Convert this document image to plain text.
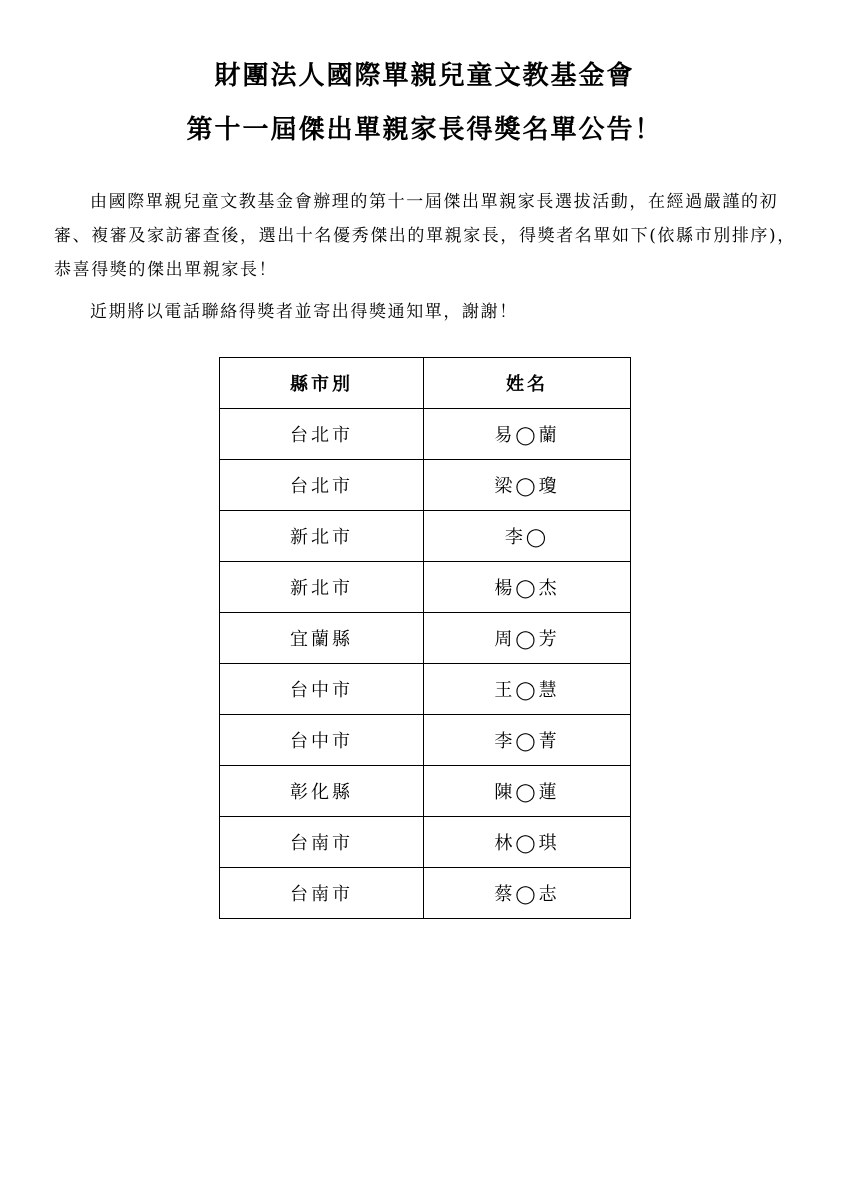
財團法人國際單親兒童文教基金會
第十一屆傑出單親家長得獎名單公告！

由國際單親兒童文教基金會辦理的第十一屆傑出單親家長選拔活動，在經過嚴謹的初審、複審及家訪審查後，選出十名優秀傑出的單親家長，得獎者名單如下(依縣市別排序)，恭喜得獎的傑出單親家長！

近期將以電話聯絡得獎者並寄出得獎通知單，謝謝！

縣市別	姓名
台北市	易◯蘭
台北市	梁◯瓊
新北市	李◯
新北市	楊◯杰
宜蘭縣	周◯芳
台中市	王◯慧
台中市	李◯菁
彰化縣	陳◯蓮
台南市	林◯琪
台南市	蔡◯志
